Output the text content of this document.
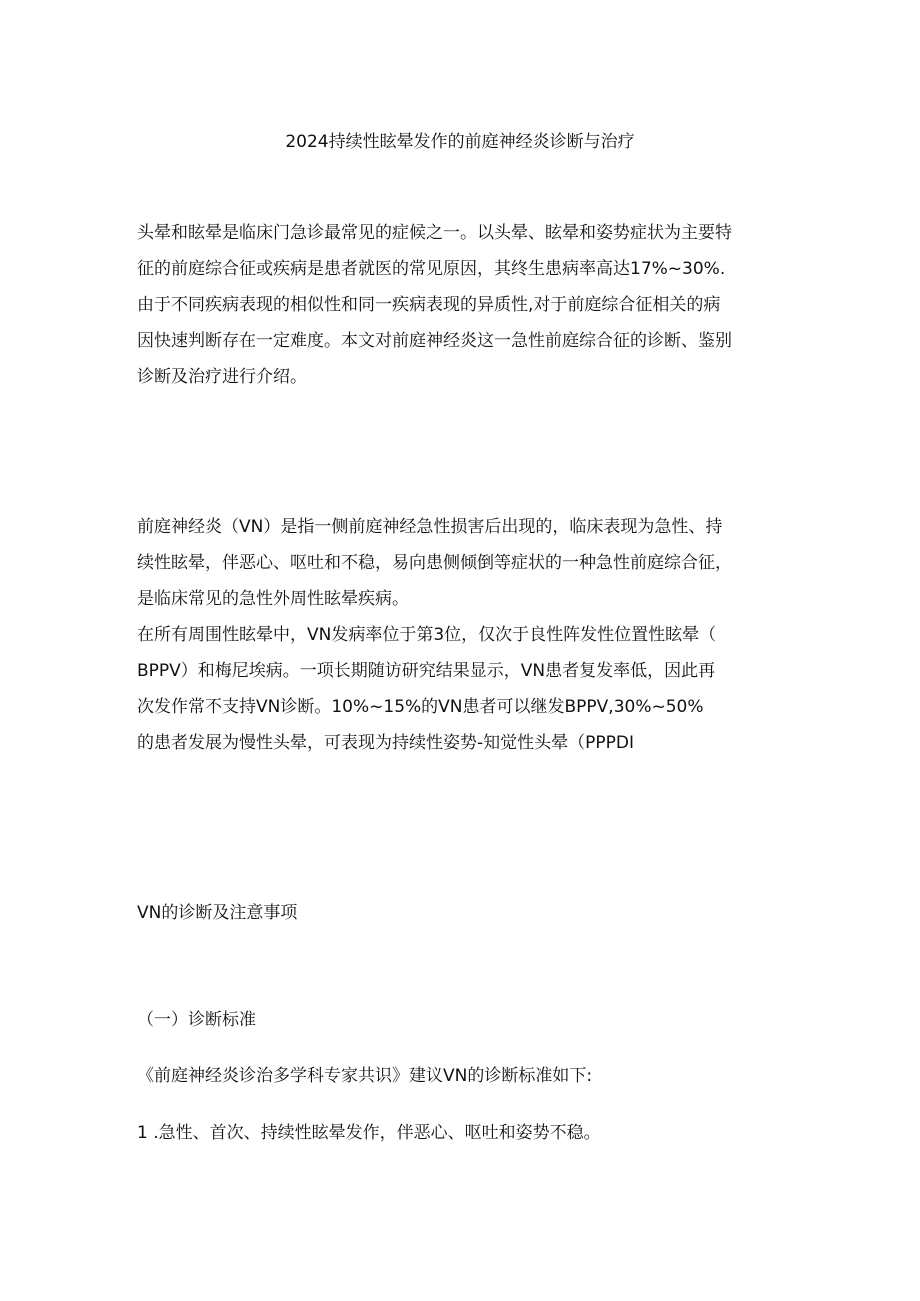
2024持续性眩晕发作的前庭神经炎诊断与治疗
头晕和眩晕是临床门急诊最常见的症候之一。以头晕、眩晕和姿势症状为主要特
征的前庭综合征或疾病是患者就医的常见原因，其终生患病率高达17%~30%.
由于不同疾病表现的相似性和同一疾病表现的异质性,对于前庭综合征相关的病
因快速判断存在一定难度。本文对前庭神经炎这一急性前庭综合征的诊断、鉴别
诊断及治疗进行介绍。
前庭神经炎（VN）是指一侧前庭神经急性损害后出现的，临床表现为急性、持
续性眩晕，伴恶心、呕吐和不稳，易向患侧倾倒等症状的一种急性前庭综合征，
是临床常见的急性外周性眩晕疾病。
在所有周围性眩晕中，VN发病率位于第3位，仅次于良性阵发性位置性眩晕（
BPPV）和梅尼埃病。一项长期随访研究结果显示，VN患者复发率低，因此再
次发作常不支持VN诊断。10%~15%的VN患者可以继发BPPV,30%~50%
的患者发展为慢性头晕，可表现为持续性姿势-知觉性头晕（PPPDI
VN的诊断及注意事项
（一）诊断标准
《前庭神经炎诊治多学科专家共识》建议VN的诊断标准如下:
1 .急性、首次、持续性眩晕发作，伴恶心、呕吐和姿势不稳。
